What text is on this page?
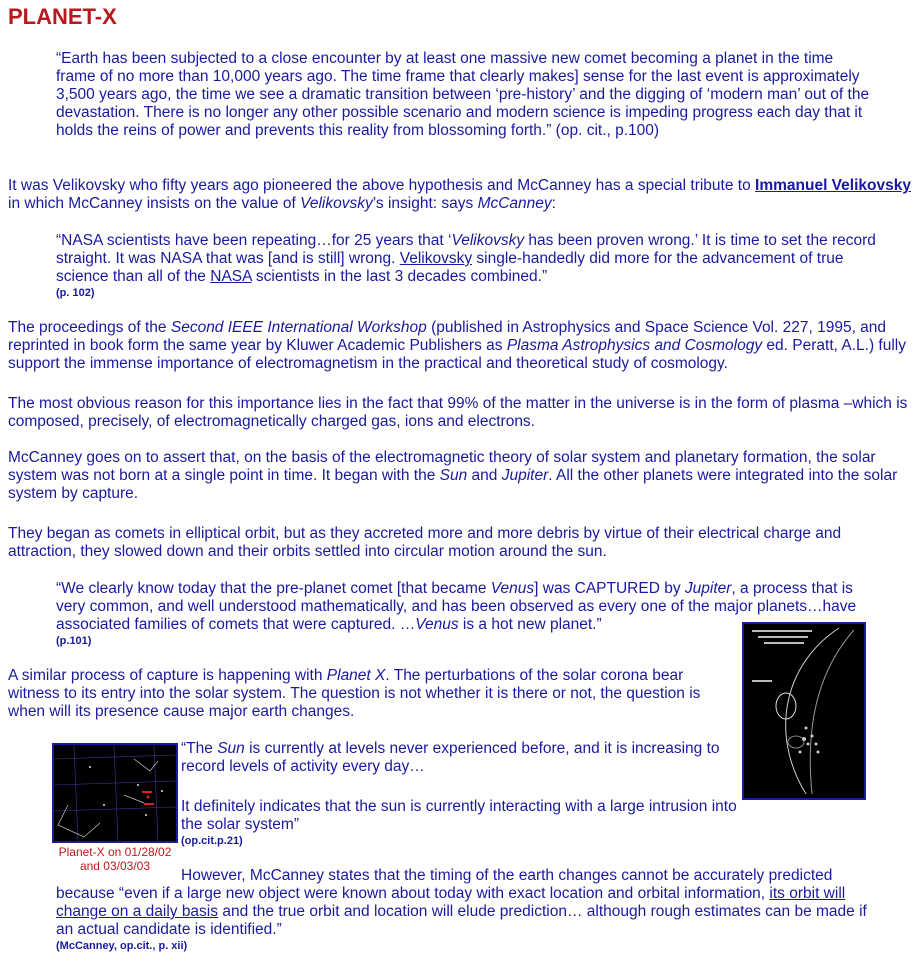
PLANET-X
“Earth has been subjected to a close encounter by at least one massive new comet becoming a planet in the time frame of no more than 10,000 years ago. The time frame that clearly makes] sense for the last event is approximately 3,500 years ago, the time we see a dramatic transition between ‘pre-history’ and the digging of ‘modern man’ out of the devastation. There is no longer any other possible scenario and modern science is impeding progress each day that it holds the reins of power and prevents this reality from blossoming forth.” (op. cit., p.100)
It was Velikovsky who fifty years ago pioneered the above hypothesis and McCanney has a special tribute to Immanuel Velikovsky in which McCanney insists on the value of Velikovsky’s insight: says McCanney:
“NASA scientists have been repeating…for 25 years that ‘Velikovsky has been proven wrong.’ It is time to set the record straight. It was NASA that was [and is still] wrong. Velikovsky single-handedly did more for the advancement of true science than all of the NASA scientists in the last 3 decades combined.”
(p. 102)
The proceedings of the Second IEEE International Workshop (published in Astrophysics and Space Science Vol. 227, 1995, and reprinted in book form the same year by Kluwer Academic Publishers as Plasma Astrophysics and Cosmology ed. Peratt, A.L.) fully support the immense importance of electromagnetism in the practical and theoretical study of cosmology.
The most obvious reason for this importance lies in the fact that 99% of the matter in the universe is in the form of plasma –which is composed, precisely, of electromagnetically charged gas, ions and electrons.
McCanney goes on to assert that, on the basis of the electromagnetic theory of solar system and planetary formation, the solar system was not born at a single point in time. It began with the Sun and Jupiter. All the other planets were integrated into the solar system by capture.
They began as comets in elliptical orbit, but as they accreted more and more debris by virtue of their electrical charge and attraction, they slowed down and their orbits settled into circular motion around the sun.
“We clearly know today that the pre-planet comet [that became Venus] was CAPTURED by Jupiter, a process that is very common, and well understood mathematically, and has been observed as every one of the major planets…have associated families of comets that were captured. …Venus is a hot new planet.”
(p.101)
A similar process of capture is happening with Planet X. The perturbations of the solar corona bear witness to its entry into the solar system. The question is not whether it is there or not, the question is when will its presence cause major earth changes.
Planet-X on 01/28/02
and 03/03/03
“The Sun is currently at levels never experienced before, and it is increasing to record levels of activity every day…
It definitely indicates that the sun is currently interacting with a large intrusion into the solar system”
(op.cit.p.21)
However, McCanney states that the timing of the earth changes cannot be accurately predicted because “even if a large new object were known about today with exact location and orbital information, its orbit will change on a daily basis and the true orbit and location will elude prediction… although rough estimates can be made if an actual candidate is identified.”
(McCanney, op.cit., p. xii)
